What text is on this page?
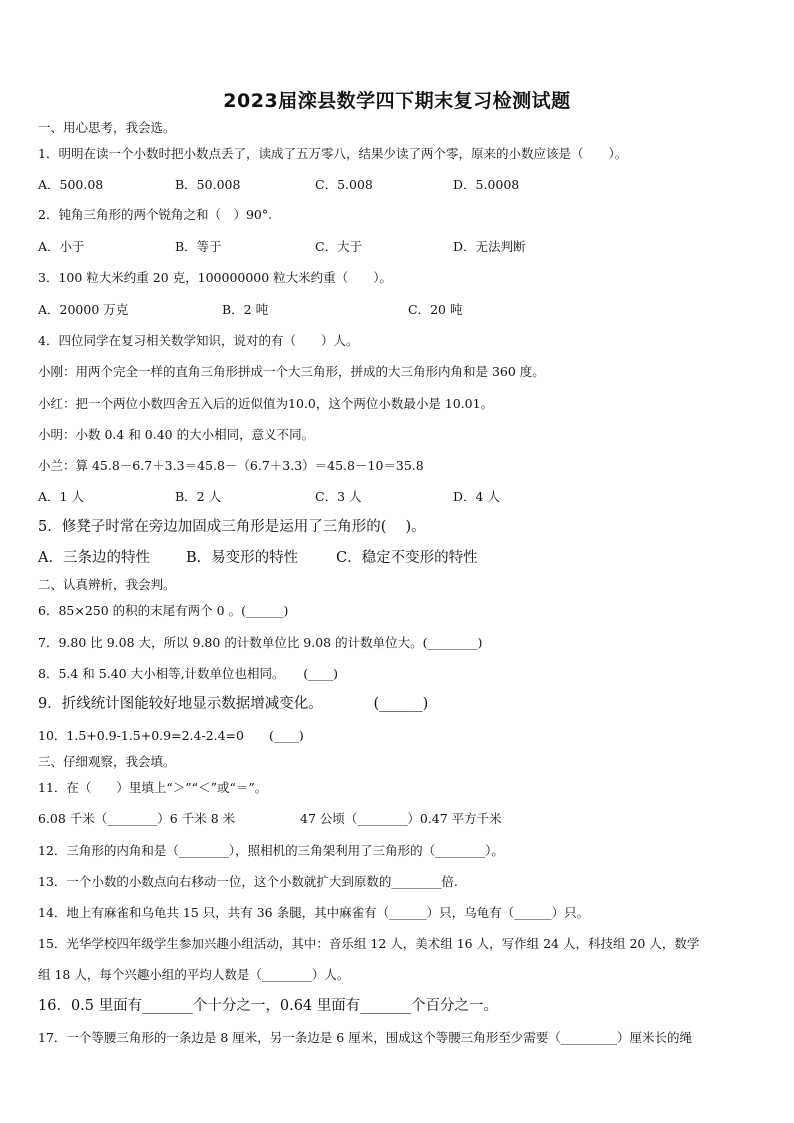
2023届滦县数学四下期末复习检测试题
一、用心思考，我会选。
1．明明在读一个小数时把小数点丢了，读成了五万零八，结果少读了两个零，原来的小数应该是（　　）。
A．500.08	B．50.008	C．5.008	D．5.0008
2．钝角三角形的两个锐角之和（　）90°.
A．小于	B．等于	C．大于	D．无法判断
3．100 粒大米约重 20 克，100000000 粒大米约重（　　）。
A．20000 万克	B．2 吨	C．20 吨
4．四位同学在复习相关数学知识，说对的有（　　）人。
小刚：用两个完全一样的直角三角形拼成一个大三角形，拼成的大三角形内角和是 360 度。
小红：把一个两位小数四舍五入后的近似值为10.0，这个两位小数最小是 10.01。
小明：小数 0.4 和 0.40 的大小相同，意义不同。
小兰：算 45.8－6.7＋3.3＝45.8－（6.7＋3.3）＝45.8－10＝35.8
A．1 人	B．2 人	C．3 人	D．4 人
5．修凳子时常在旁边加固成三角形是运用了三角形的(　 )。
A．三条边的特性 B．易变形的特性	C．稳定不变形的特性
二、认真辨析，我会判。
6．85×250 的积的末尾有两个 0 。(______)
7．9.80 比 9.08 大，所以 9.80 的计数单位比 9.08 的计数单位大。(________)
8．5.4 和 5.40 大小相等,计数单位也相同。　　(____)
9．折线统计图能较好地显示数据增减变化。　　　　(______)
10．1.5+0.9-1.5+0.9=2.4-2.4=0　　(____)
三、仔细观察，我会填。
11．在（　　）里填上“＞”“＜”或“＝”。
6.08 千米（________）6 千米 8 米	47 公顷（________）0.47 平方千米
12．三角形的内角和是（________），照相机的三角架利用了三角形的（________）。
13．一个小数的小数点向右移动一位，这个小数就扩大到原数的________倍.
14．地上有麻雀和乌龟共 15 只，共有 36 条腿，其中麻雀有（______）只，乌龟有（______）只。
15．光华学校四年级学生参加兴趣小组活动，其中：音乐组 12 人，美术组 16 人，写作组 24 人，科技组 20 人，数学
组 18 人，每个兴趣小组的平均人数是（________）人。
16．0.5 里面有_______个十分之一，0.64 里面有_______个百分之一。
17．一个等腰三角形的一条边是 8 厘米，另一条边是 6 厘米，围成这个等腰三角形至少需要（_________）厘米长的绳
